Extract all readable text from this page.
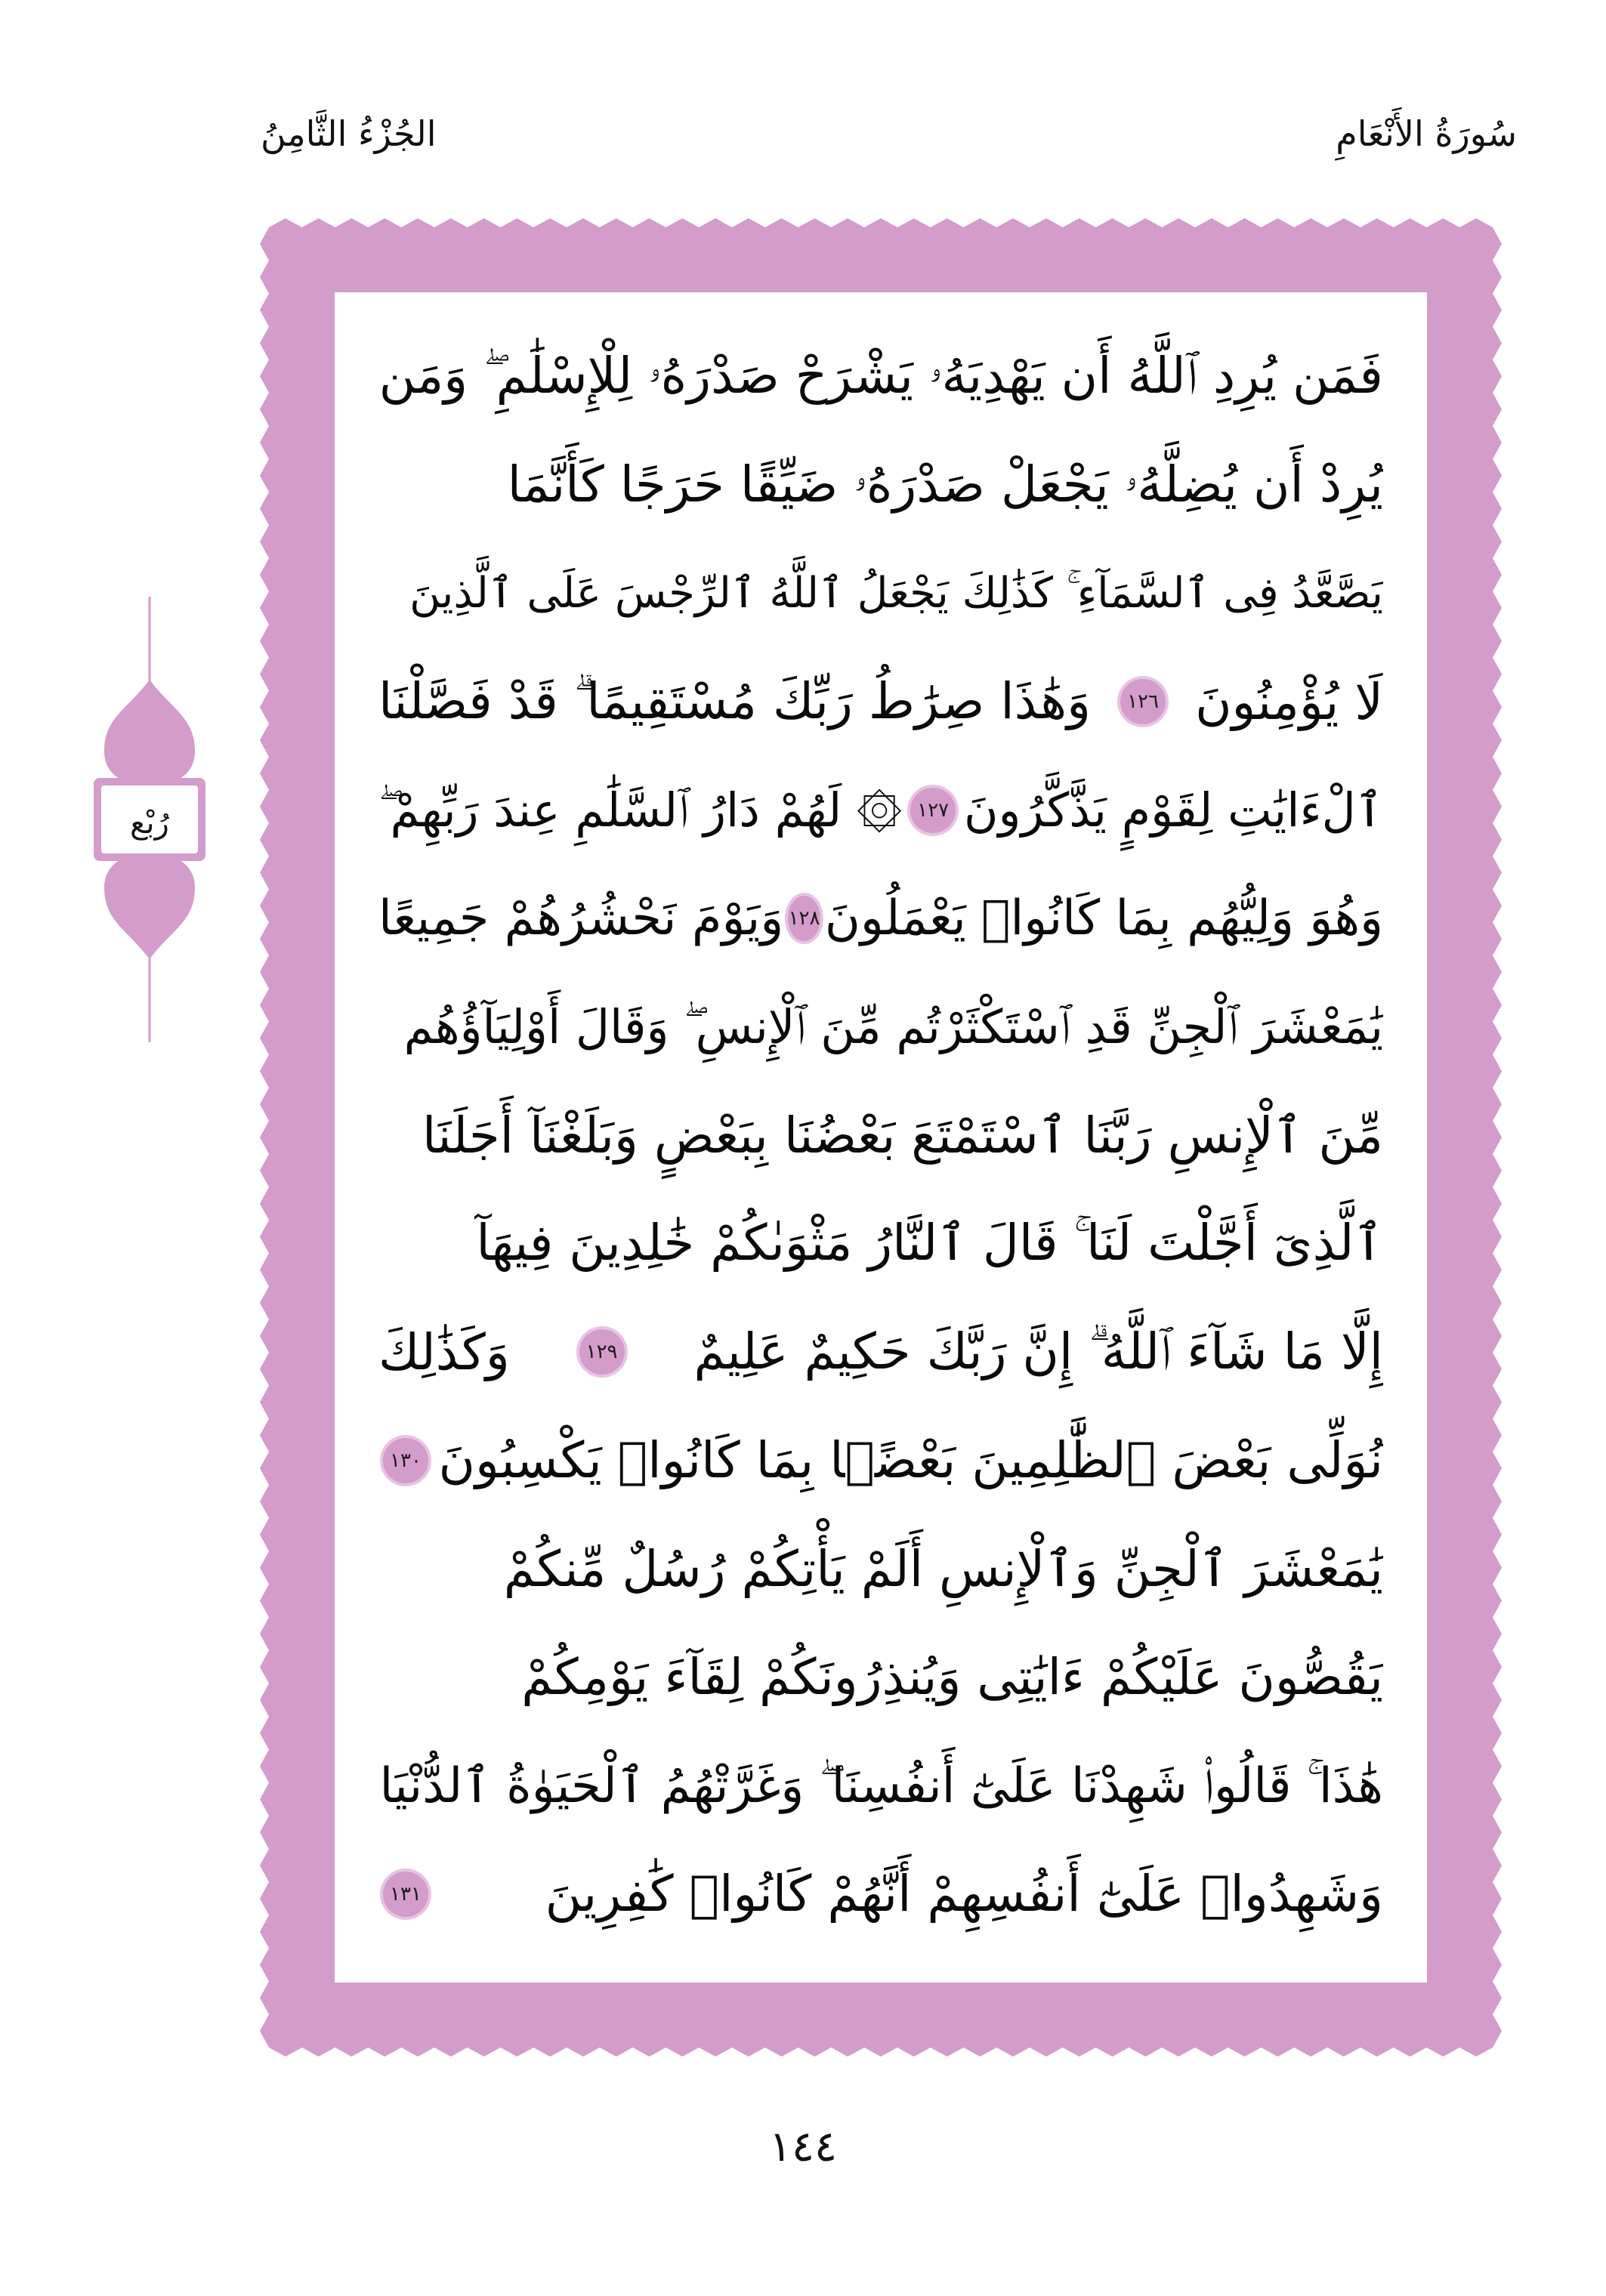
سُورَةُ الأَنْعَامِ
الجُزْءُ الثَّامِنُ
فَمَن يُرِدِ ٱللَّهُ أَن يَهْدِيَهُۥ يَشْرَحْ صَدْرَهُۥ لِلْإِسْلَٰمِ ۖ وَمَن
يُرِدْ أَن يُضِلَّهُۥ يَجْعَلْ صَدْرَهُۥ ضَيِّقًا حَرَجًا كَأَنَّمَا
يَصَّعَّدُ فِى ٱلسَّمَآءِ ۚ كَذَٰلِكَ يَجْعَلُ ٱللَّهُ ٱلرِّجْسَ عَلَى ٱلَّذِينَ
لَا يُؤْمِنُونَ
١٢٦
وَهَٰذَا صِرَٰطُ رَبِّكَ مُسْتَقِيمًا ۗ قَدْ فَصَّلْنَا
ٱلْءَايَٰتِ لِقَوْمٍ يَذَّكَّرُونَ
١٢٧
۞ لَهُمْ دَارُ ٱلسَّلَٰمِ عِندَ رَبِّهِمْ ۖ
وَهُوَ وَلِيُّهُم بِمَا كَانُوا۟ يَعْمَلُونَ
١٢٨
وَيَوْمَ نَحْشُرُهُمْ جَمِيعًا
يَٰمَعْشَرَ ٱلْجِنِّ قَدِ ٱسْتَكْثَرْتُم مِّنَ ٱلْإِنسِ ۖ وَقَالَ أَوْلِيَآؤُهُم
مِّنَ ٱلْإِنسِ رَبَّنَا ٱسْتَمْتَعَ بَعْضُنَا بِبَعْضٍ وَبَلَغْنَآ أَجَلَنَا
ٱلَّذِىٓ أَجَّلْتَ لَنَا ۚ قَالَ ٱلنَّارُ مَثْوَىٰكُمْ خَٰلِدِينَ فِيهَآ
إِلَّا مَا شَآءَ ٱللَّهُ ۗ إِنَّ رَبَّكَ حَكِيمٌ عَلِيمٌ
١٢٩
وَكَذَٰلِكَ
نُوَلِّى بَعْضَ ٱلظَّٰلِمِينَ بَعْضًۢا بِمَا كَانُوا۟ يَكْسِبُونَ
١٣٠
يَٰمَعْشَرَ ٱلْجِنِّ وَٱلْإِنسِ أَلَمْ يَأْتِكُمْ رُسُلٌ مِّنكُمْ
يَقُصُّونَ عَلَيْكُمْ ءَايَٰتِى وَيُنذِرُونَكُمْ لِقَآءَ يَوْمِكُمْ
هَٰذَا ۚ قَالُوا۟ شَهِدْنَا عَلَىٰٓ أَنفُسِنَا ۖ وَغَرَّتْهُمُ ٱلْحَيَوٰةُ ٱلدُّنْيَا
وَشَهِدُوا۟ عَلَىٰٓ أَنفُسِهِمْ أَنَّهُمْ كَانُوا۟ كَٰفِرِينَ
١٣١
رُبْع
١٤٤
